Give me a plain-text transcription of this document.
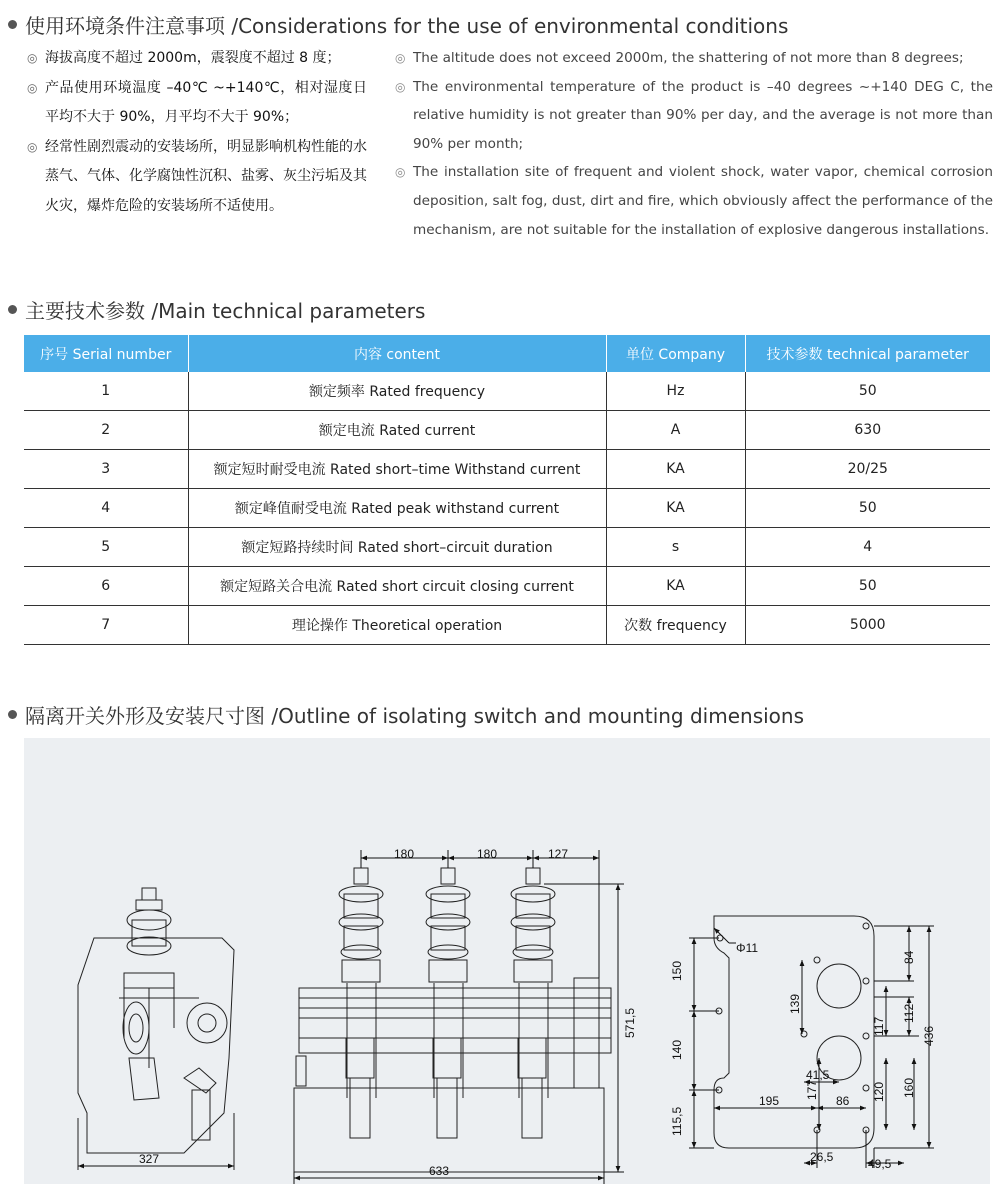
使用环境条件注意事项 /Considerations for the use of environmental conditions
◎ 海拔高度不超过 2000m，震裂度不超过 8 度；
◎ 产品使用环境温度 –40℃ ~+140℃，相对湿度日平均不大于 90%，月平均不大于 90%；
◎ 经常性剧烈震动的安装场所，明显影响机构性能的水蒸气、气体、化学腐蚀性沉积、盐雾、灰尘污垢及其火灾，爆炸危险的安装场所不适使用。
◎ The altitude does not exceed 2000m, the shattering of not more than 8 degrees;
◎ The environmental temperature of the product is –40 degrees ~+140 DEG C, the relative humidity is not greater than 90% per day, and the average is not more than 90% per month;
◎ The installation site of frequent and violent shock, water vapor, chemical corrosion deposition, salt fog, dust, dirt and fire, which obviously affect the performance of the mechanism, are not suitable for the installation of explosive dangerous installations.
主要技术参数 /Main technical parameters
序号 Serial number	内容 content	单位 Company	技术参数 technical parameter
1	额定频率 Rated frequency	Hz	50
2	额定电流 Rated current	A	630
3	额定短时耐受电流 Rated short–time Withstand current	KA	20/25
4	额定峰值耐受电流 Rated peak withstand current	KA	50
5	额定短路持续时间 Rated short–circuit duration	s	4
6	额定短路关合电流 Rated short circuit closing current	KA	50
7	理论操作 Theoretical operation	次数 frequency	5000
隔离开关外形及安装尺寸图 /Outline of isolating switch and mounting dimensions
327
180	180	127
571,5
633
Φ11
150
140
115,5
84
112
436
160
139
117
120
177
41,5
195	86
26,5	49,5
